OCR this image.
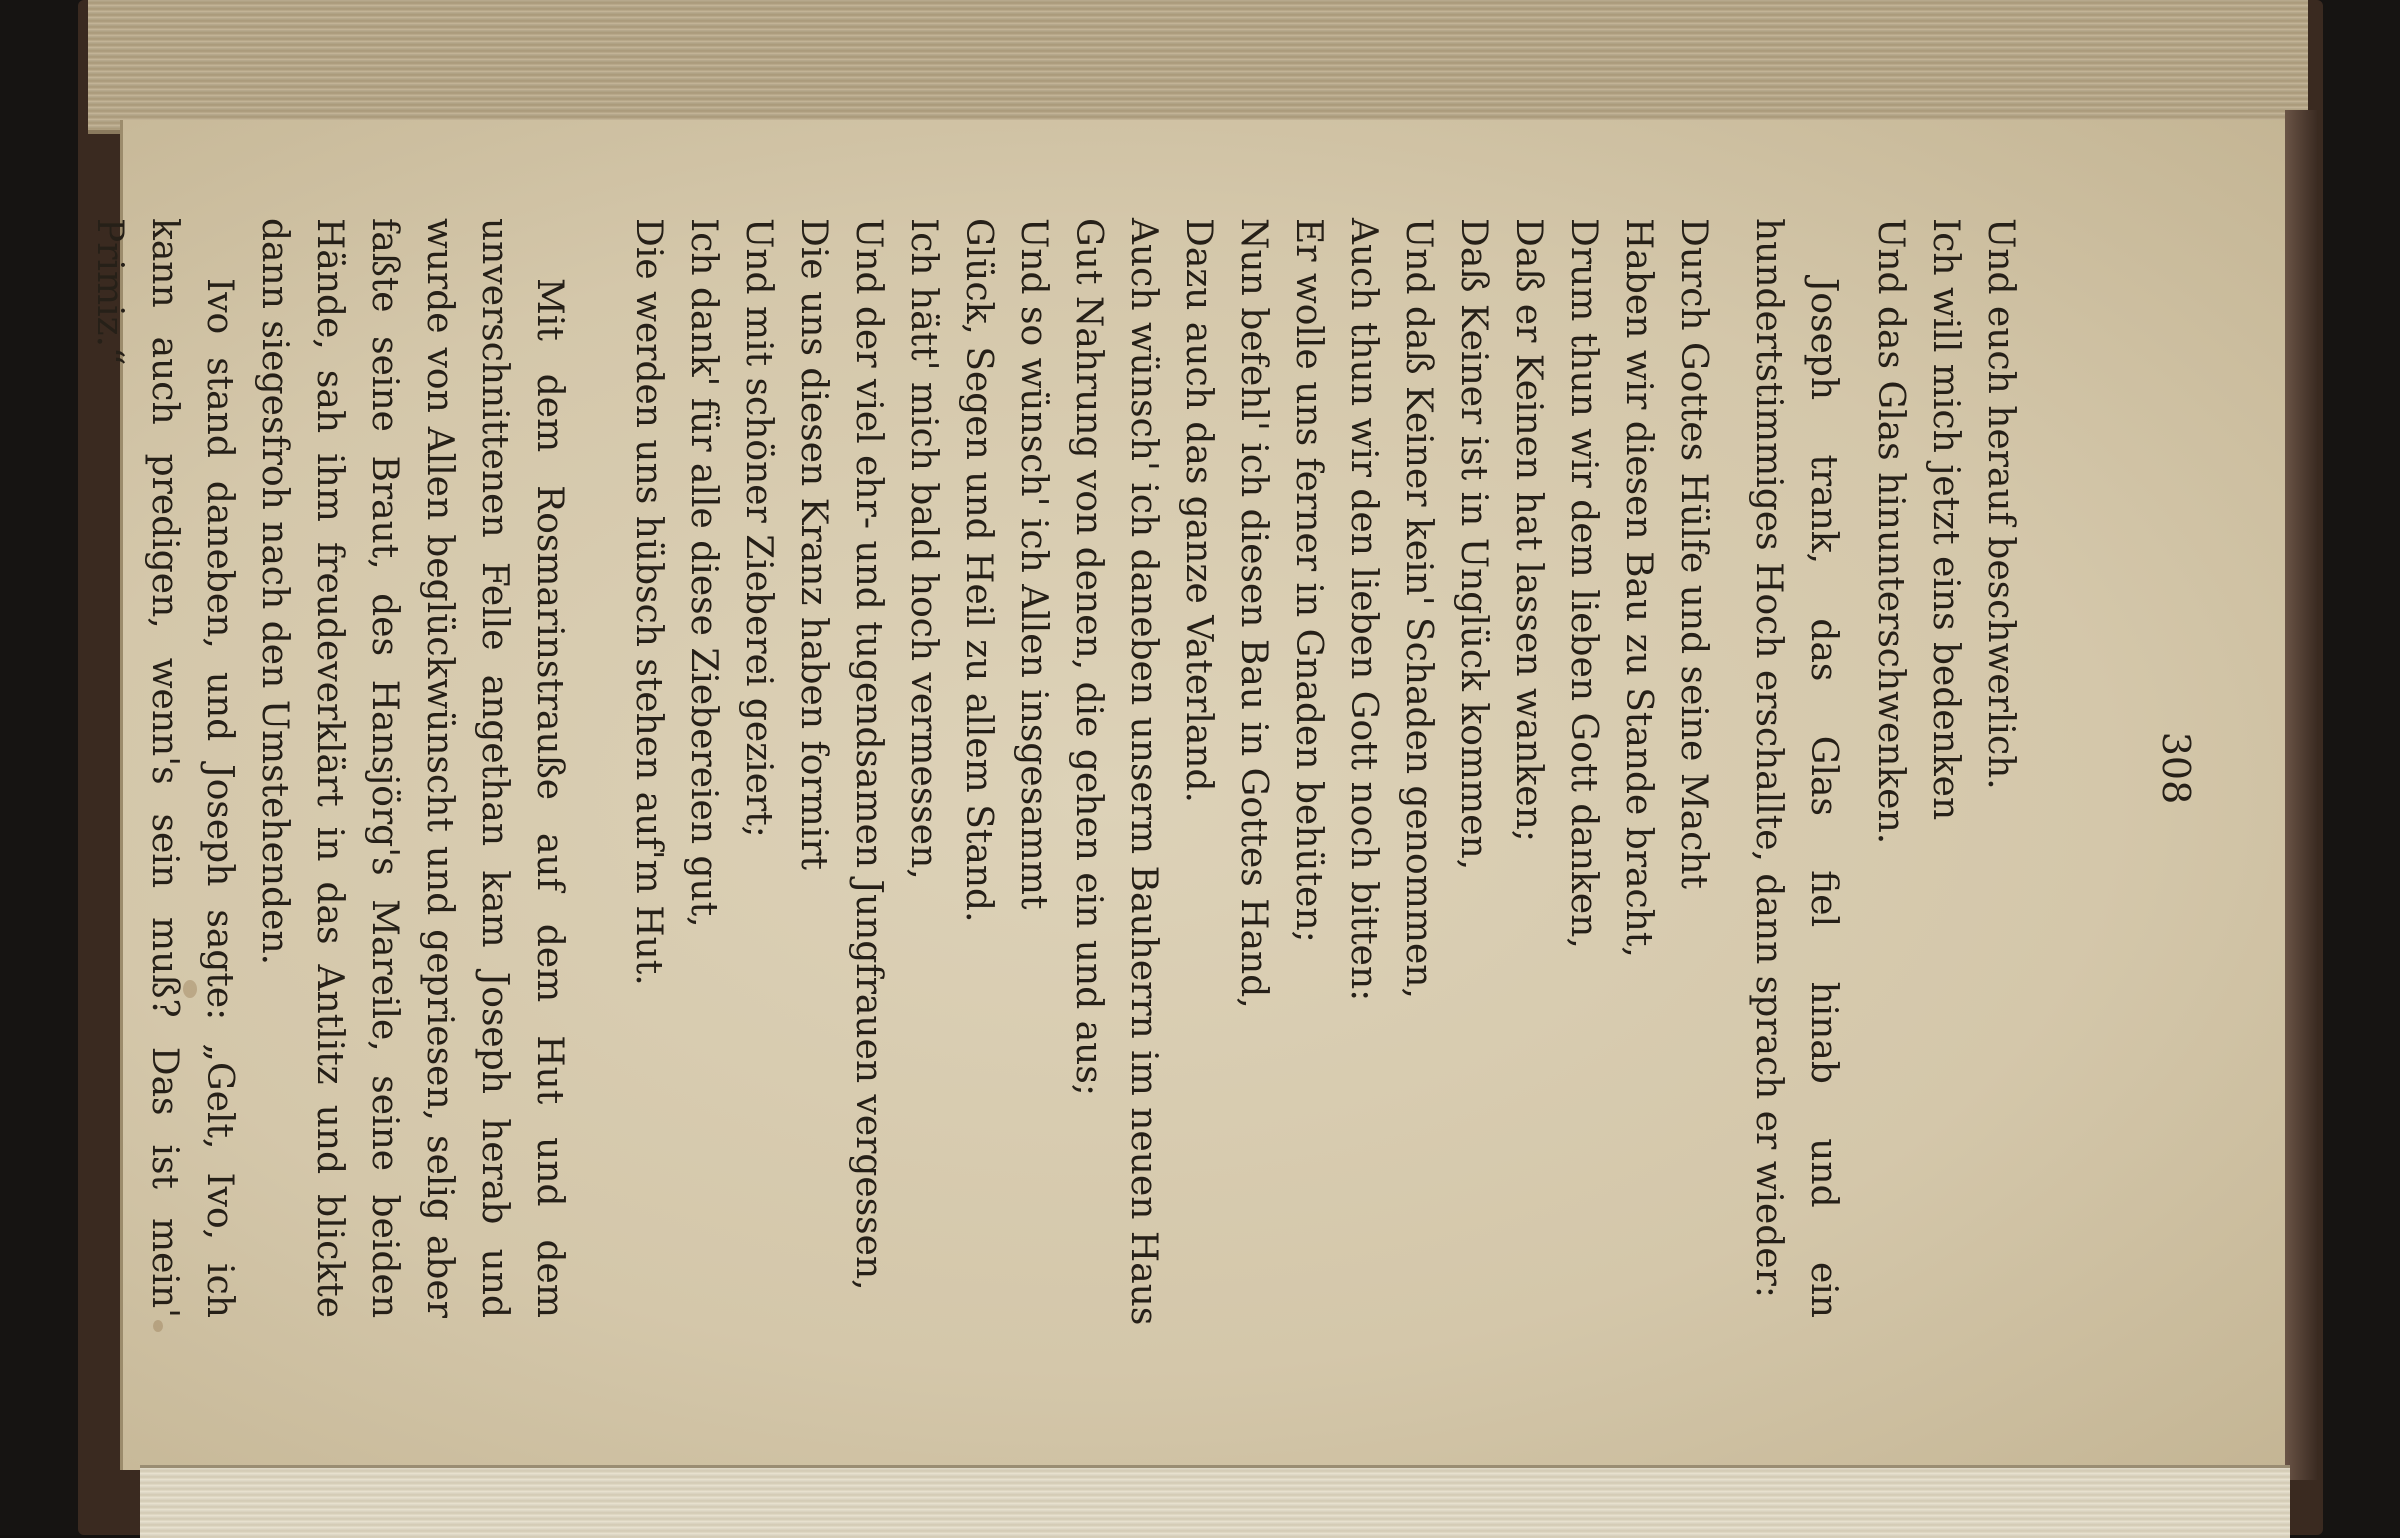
308
Und euch herauf beschwerlich.
Ich will mich jetzt eins bedenken
Und das Glas hinunterschwenken.

Joseph trank, das Glas fiel hinab und ein hundertstimmiges Hoch erschallte, dann sprach er wieder:

Durch Gottes Hülfe und seine Macht
Haben wir diesen Bau zu Stande bracht,
Drum thun wir dem lieben Gott danken,
Daß er Keinen hat lassen wanken;
Daß Keiner ist in Unglück kommen,
Und daß Keiner kein' Schaden genommen,
Auch thun wir den lieben Gott noch bitten:
Er wolle uns ferner in Gnaden behüten;
Nun befehl' ich diesen Bau in Gottes Hand,
Dazu auch das ganze Vaterland.
Auch wünsch' ich daneben unserm Bauherrn im neuen Haus
Gut Nahrung von denen, die gehen ein und aus;
Und so wünsch' ich Allen insgesammt
Glück, Segen und Heil zu allem Stand.
Ich hätt' mich bald hoch vermessen,
Und der viel ehr- und tugendsamen Jungfrauen vergessen,
Die uns diesen Kranz haben formirt
Und mit schöner Zieberei geziert;
Ich dank' für alle diese Ziebereien gut,
Die werden uns hübsch stehen auf'm Hut.

Mit dem Rosmarinstrauße auf dem Hut und dem unverschnittenen Felle angethan kam Joseph herab und wurde von Allen beglückwünscht und gepriesen, selig aber faßte seine Braut, des Hansjörg's Mareile, seine beiden Hände, sah ihm freudeverklärt in das Antlitz und blickte dann siegesfroh nach den Umstehenden.

Ivo stand daneben, und Joseph sagte: „Gelt, Ivo, ich kann auch predigen, wenn's sein muß? Das ist mein' Primiz.“
